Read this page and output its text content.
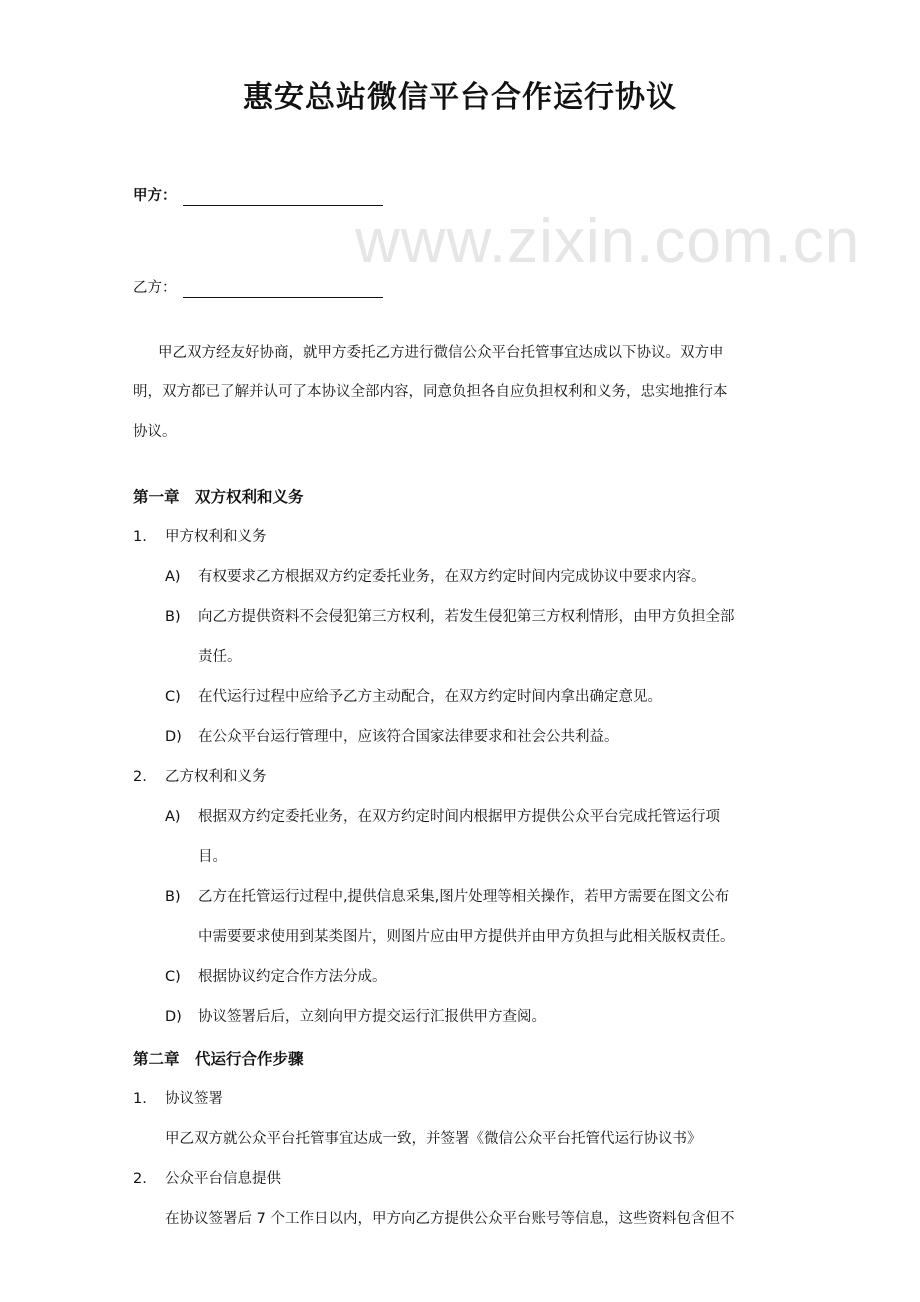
www.zixin.com.cn
惠安总站微信平台合作运行协议
甲方：
乙方：
甲乙双方经友好协商，就甲方委托乙方进行微信公众平台托管事宜达成以下协议。双方申
明，双方都已了解并认可了本协议全部内容，同意负担各自应负担权利和义务，忠实地推行本
协议。
第一章　双方权利和义务
1. 甲方权利和义务
A) 有权要求乙方根据双方约定委托业务，在双方约定时间内完成协议中要求内容。
B) 向乙方提供资料不会侵犯第三方权利，若发生侵犯第三方权利情形，由甲方负担全部
责任。
C) 在代运行过程中应给予乙方主动配合，在双方约定时间内拿出确定意见。
D) 在公众平台运行管理中，应该符合国家法律要求和社会公共利益。
2. 乙方权利和义务
A) 根据双方约定委托业务，在双方约定时间内根据甲方提供公众平台完成托管运行项
目。
B) 乙方在托管运行过程中,提供信息采集,图片处理等相关操作，若甲方需要在图文公布
中需要要求使用到某类图片，则图片应由甲方提供并由甲方负担与此相关版权责任。
C) 根据协议约定合作方法分成。
D) 协议签署后后，立刻向甲方提交运行汇报供甲方查阅。
第二章　代运行合作步骤
1. 协议签署
甲乙双方就公众平台托管事宜达成一致，并签署《微信公众平台托管代运行协议书》
2. 公众平台信息提供
在协议签署后 7 个工作日以内，甲方向乙方提供公众平台账号等信息，这些资料包含但不
